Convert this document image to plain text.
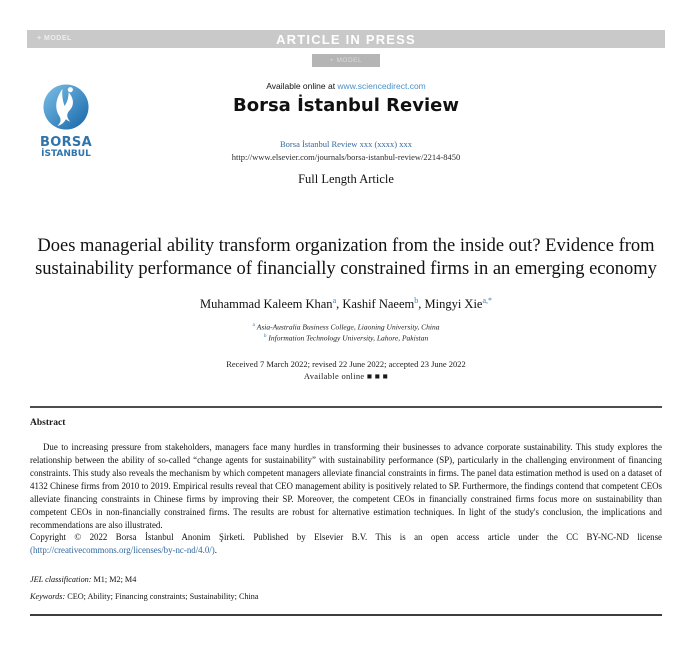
+ MODEL	ARTICLE IN PRESS
+ MODEL
BORSA
İSTANBUL
Available online at www.sciencedirect.com
Borsa İstanbul Review
Borsa İstanbul Review xxx (xxxx) xxx
http://www.elsevier.com/journals/borsa-istanbul-review/2214-8450
Full Length Article
Does managerial ability transform organization from the inside out? Evidence from sustainability performance of financially constrained firms in an emerging economy

Muhammad Kaleem Khan$^a$, Kashif Naeem$^b$, Mingyi Xie$^{a,*}$

$^a$ Asia-Australia Business College, Liaoning University, China
$^b$ Information Technology University, Lahore, Pakistan
Received 7 March 2022; revised 22 June 2022; accepted 23 June 2022
Available online ■ ■ ■
Abstract

Due to increasing pressure from stakeholders, managers face many hurdles in transforming their businesses to advance corporate sustainability. This study explores the relationship between the ability of so-called “change agents for sustainability” with sustainability performance (SP), particularly in the challenging environment of financing constraints. This study also reveals the mechanism by which competent managers alleviate financial constraints in firms. The panel data estimation method is used on a dataset of 4132 Chinese firms from 2010 to 2019. Empirical results reveal that CEO management ability is positively related to SP. Furthermore, the findings contend that competent CEOs alleviate financing constraints in Chinese firms by improving their SP. Moreover, the competent CEOs in financially constrained firms focus more on sustainability than competent CEOs in non-financially constrained firms. The results are robust for alternative estimation techniques. In light of the study's conclusion, the implications and recommendations are also illustrated.

Copyright © 2022 Borsa İstanbul Anonim Şirketi. Published by Elsevier B.V. This is an open access article under the CC BY-NC-ND license (http://creativecommons.org/licenses/by-nc-nd/4.0/).

JEL classification: M1; M2; M4

Keywords: CEO; Ability; Financing constraints; Sustainability; China
